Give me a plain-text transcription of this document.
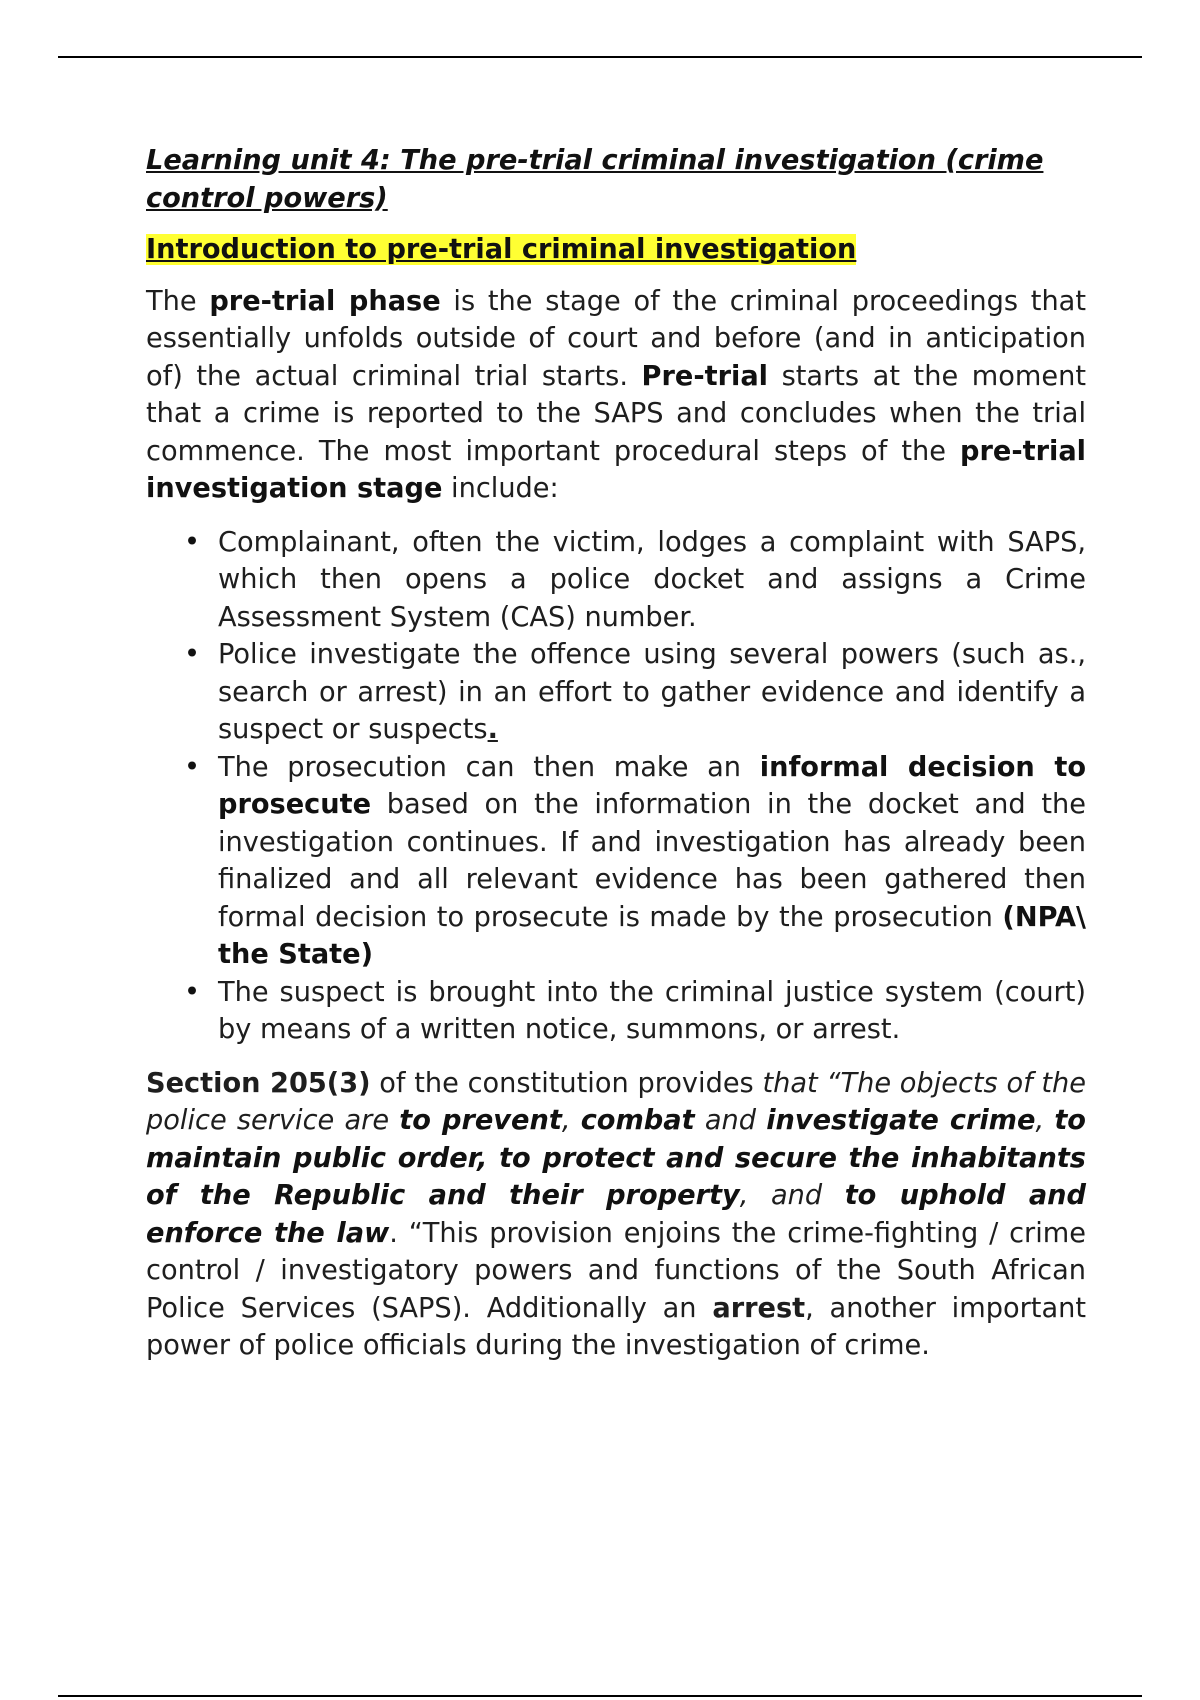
Learning unit 4: The pre-trial criminal investigation (crime control powers)
Introduction to pre-trial criminal investigation

The pre-trial phase is the stage of the criminal proceedings that essentially unfolds outside of court and before (and in anticipation of) the actual criminal trial starts. Pre-trial starts at the moment that a crime is reported to the SAPS and concludes when the trial commence. The most important procedural steps of the pre-trial investigation stage include:

• Complainant, often the victim, lodges a complaint with SAPS, which then opens a police docket and assigns a Crime Assessment System (CAS) number.
• Police investigate the offence using several powers (such as., search or arrest) in an effort to gather evidence and identify a suspect or suspects.
• The prosecution can then make an informal decision to prosecute based on the information in the docket and the investigation continues. If and investigation has already been finalized and all relevant evidence has been gathered then formal decision to prosecute is made by the prosecution (NPA\ the State)
• The suspect is brought into the criminal justice system (court) by means of a written notice, summons, or arrest.

Section 205(3) of the constitution provides that “The objects of the police service are to prevent, combat and investigate crime, to maintain public order, to protect and secure the inhabitants of the Republic and their property, and to uphold and enforce the law. “This provision enjoins the crime-fighting / crime control / investigatory powers and functions of the South African Police Services (SAPS). Additionally an arrest, another important power of police officials during the investigation of crime.
